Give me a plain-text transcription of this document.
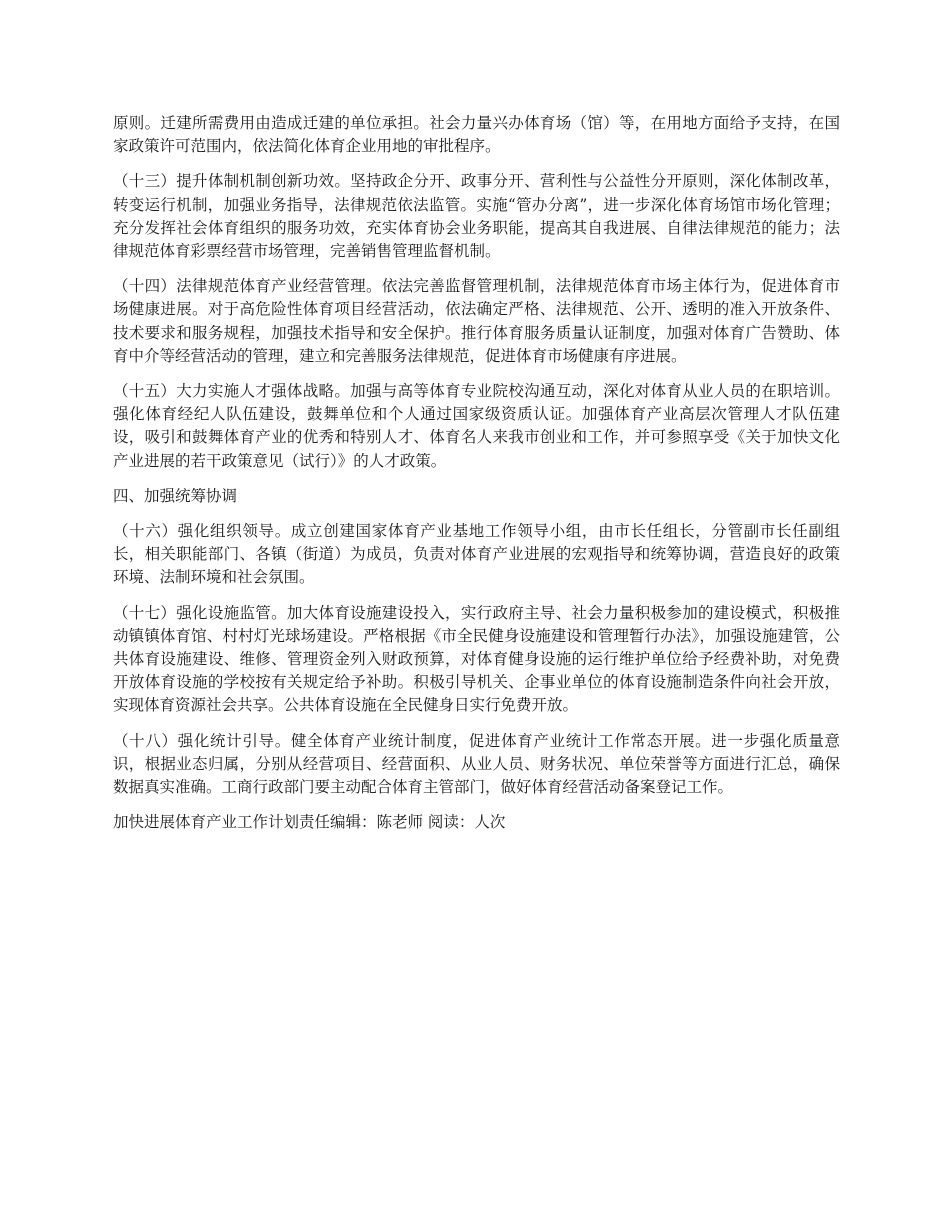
原则。迁建所需费用由造成迁建的单位承担。社会力量兴办体育场（馆）等，在用地方面给予支持，在国家政策许可范围内，依法简化体育企业用地的审批程序。

（十三）提升体制机制创新功效。坚持政企分开、政事分开、营利性与公益性分开原则，深化体制改革，转变运行机制，加强业务指导，法律规范依法监管。实施“管办分离”，进一步深化体育场馆市场化管理；充分发挥社会体育组织的服务功效，充实体育协会业务职能，提高其自我进展、自律法律规范的能力；法律规范体育彩票经营市场管理，完善销售管理监督机制。

（十四）法律规范体育产业经营管理。依法完善监督管理机制，法律规范体育市场主体行为，促进体育市场健康进展。对于高危险性体育项目经营活动，依法确定严格、法律规范、公开、透明的准入开放条件、技术要求和服务规程，加强技术指导和安全保护。推行体育服务质量认证制度，加强对体育广告赞助、体育中介等经营活动的管理，建立和完善服务法律规范，促进体育市场健康有序进展。

（十五）大力实施人才强体战略。加强与高等体育专业院校沟通互动，深化对体育从业人员的在职培训。强化体育经纪人队伍建设，鼓舞单位和个人通过国家级资质认证。加强体育产业高层次管理人才队伍建设，吸引和鼓舞体育产业的优秀和特别人才、体育名人来我市创业和工作，并可参照享受《关于加快文化产业进展的若干政策意见（试行）》的人才政策。

四、加强统筹协调

（十六）强化组织领导。成立创建国家体育产业基地工作领导小组，由市长任组长，分管副市长任副组长，相关职能部门、各镇（街道）为成员，负责对体育产业进展的宏观指导和统筹协调，营造良好的政策环境、法制环境和社会氛围。

（十七）强化设施监管。加大体育设施建设投入，实行政府主导、社会力量积极参加的建设模式，积极推动镇镇体育馆、村村灯光球场建设。严格根据《市全民健身设施建设和管理暂行办法》，加强设施建管，公共体育设施建设、维修、管理资金列入财政预算，对体育健身设施的运行维护单位给予经费补助，对免费开放体育设施的学校按有关规定给予补助。积极引导机关、企事业单位的体育设施制造条件向社会开放，实现体育资源社会共享。公共体育设施在全民健身日实行免费开放。

（十八）强化统计引导。健全体育产业统计制度，促进体育产业统计工作常态开展。进一步强化质量意识，根据业态归属，分别从经营项目、经营面积、从业人员、财务状况、单位荣誉等方面进行汇总，确保数据真实准确。工商行政部门要主动配合体育主管部门，做好体育经营活动备案登记工作。

加快进展体育产业工作计划责任编辑：陈老师 阅读：人次
